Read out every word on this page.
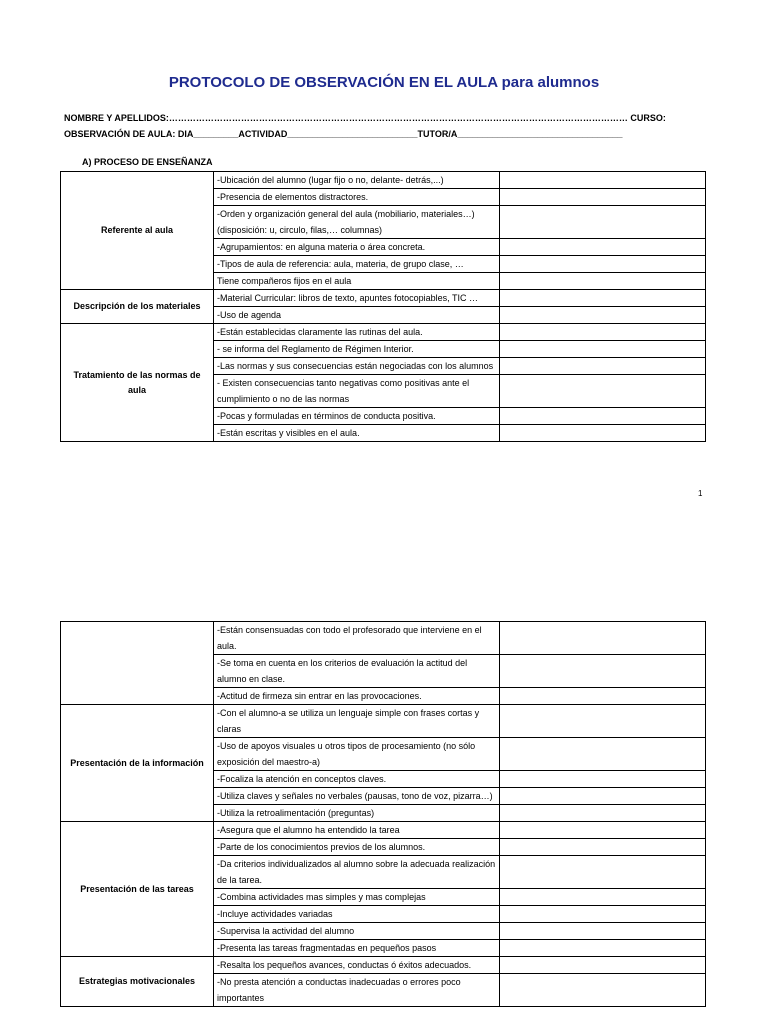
PROTOCOLO DE OBSERVACIÓN EN EL AULA para alumnos
NOMBRE Y APELLIDOS:……………………………………………………………………………………………………………………………………… CURSO:
OBSERVACIÓN DE AULA: DIA_________ACTIVIDAD__________________________TUTOR/A_________________________________
A) PROCESO DE ENSEÑANZA
Referente al aula	-Ubicación del alumno (lugar fijo o no, delante- detrás,...)	
	-Presencia de elementos distractores.	
	-Orden y organización general del aula (mobiliario, materiales…)(disposición: u, circulo, filas,… columnas)	
	-Agrupamientos: en alguna materia o área concreta.	
	-Tipos de aula de referencia: aula, materia, de grupo clase, …	
	Tiene compañeros fijos en el aula	
Descripción de los materiales	-Material Curricular: libros de texto, apuntes fotocopiables, TIC …	
	-Uso de agenda	
Tratamiento de las normas de aula	-Están establecidas claramente las rutinas del aula.	
	- se informa del Reglamento de Régimen Interior.	
	-Las normas y sus consecuencias están negociadas con los alumnos	
	- Existen consecuencias tanto negativas como positivas ante el cumplimiento o no de las normas	
	-Pocas y formuladas en términos de conducta positiva.	
	-Están escritas y visibles en el aula.	
1
	-Están consensuadas con todo el profesorado que interviene en el aula.	
	-Se toma en cuenta en los criterios de evaluación la actitud del alumno en clase.	
	-Actitud de firmeza sin entrar en las provocaciones.	
Presentación de la información	-Con el alumno-a se utiliza un lenguaje simple con frases cortas y claras	
	-Uso de apoyos visuales u otros tipos de procesamiento (no sólo exposición del maestro-a)	
	-Focaliza la atención en conceptos claves.	
	-Utiliza claves y señales no verbales (pausas, tono de voz, pizarra…)	
	-Utiliza la retroalimentación (preguntas)	
Presentación de las tareas	-Asegura que el alumno ha entendido la tarea	
	-Parte de los conocimientos previos de los alumnos.	
	-Da criterios individualizados al alumno sobre la adecuada realización de la tarea.	
	-Combina actividades mas simples y mas complejas	
	-Incluye actividades variadas	
	-Supervisa la actividad del alumno	
	-Presenta las tareas fragmentadas en pequeños pasos	
Estrategias motivacionales	-Resalta los pequeños avances, conductas ó éxitos adecuados.	
	-No presta atención a conductas inadecuadas o errores poco importantes	
